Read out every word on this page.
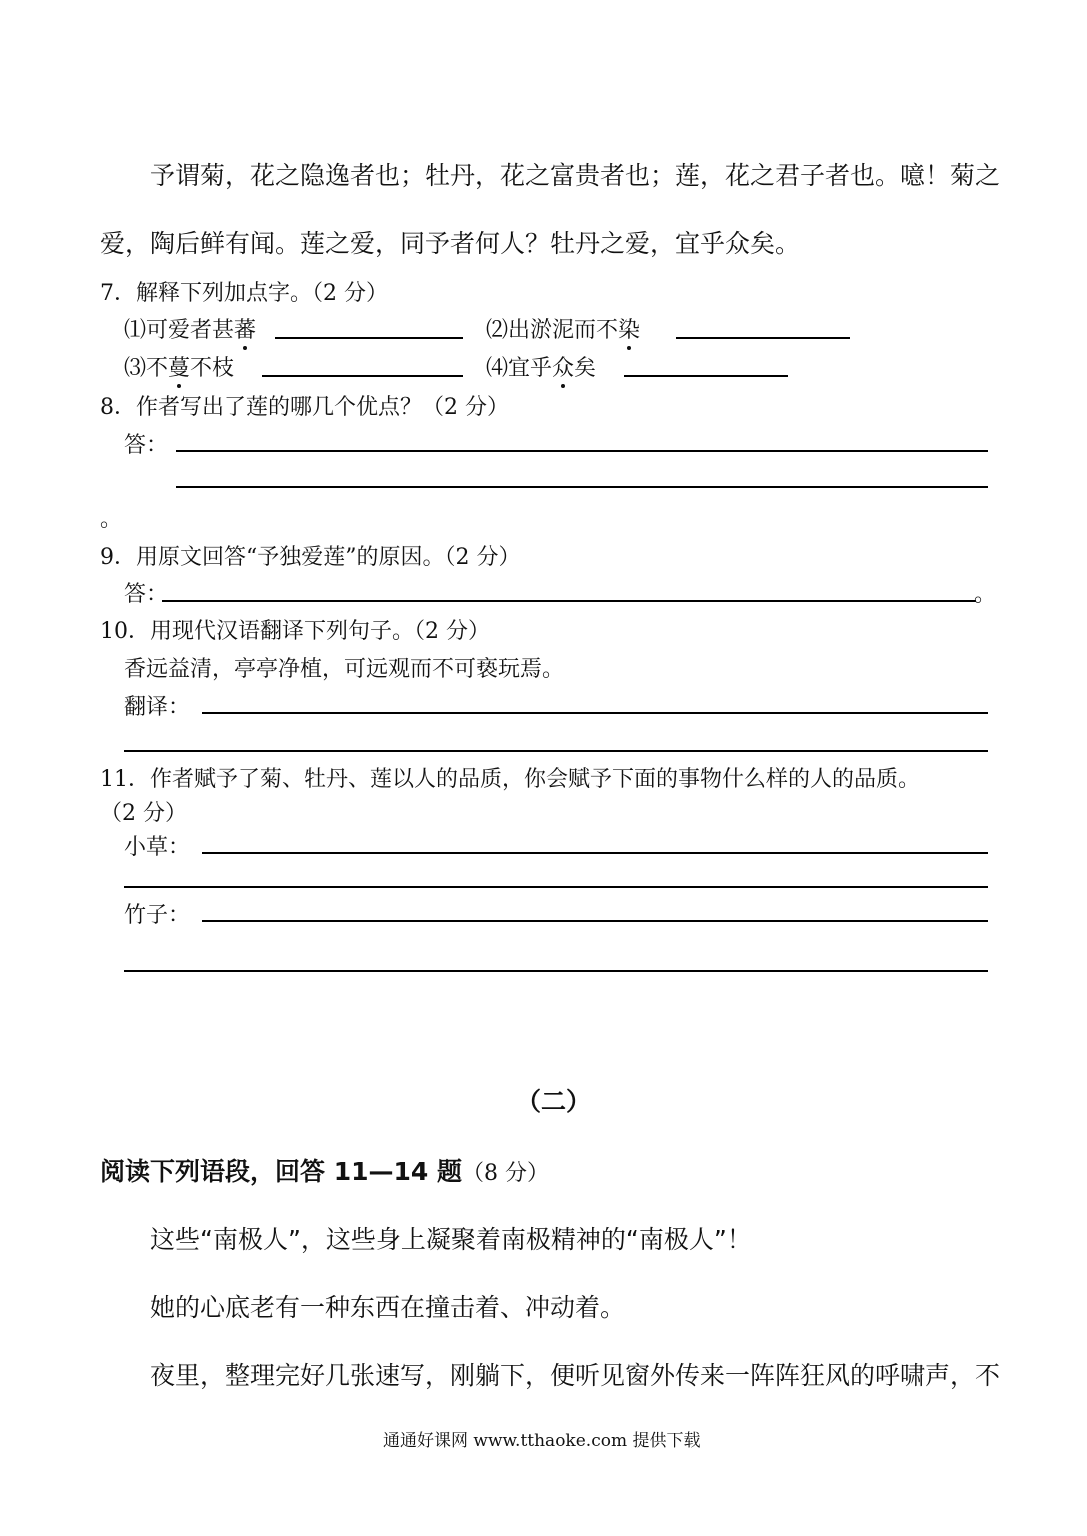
予谓菊，花之隐逸者也；牡丹，花之富贵者也；莲，花之君子者也。噫！菊之
爱，陶后鲜有闻。莲之爱，同予者何人？牡丹之爱，宜乎众矣。
7．解释下列加点字。（2 分）
⑴可爱者甚蕃	⑵出淤泥而不染
⑶不蔓不枝	⑷宜乎众矣
8．作者写出了莲的哪几个优点？（2 分）
答：
。
9．用原文回答“予独爱莲”的原因。（2 分）
答：	。
10．用现代汉语翻译下列句子。（2 分）
香远益清，亭亭净植，可远观而不可亵玩焉。
翻译：
11．作者赋予了菊、牡丹、莲以人的品质，你会赋予下面的事物什么样的人的品质。
（2 分）
小草：
竹子：
（二）
阅读下列语段，回答 11—14 题（8 分）
这些“南极人”，这些身上凝聚着南极精神的“南极人”！
她的心底老有一种东西在撞击着、冲动着。
夜里，整理完好几张速写，刚躺下，便听见窗外传来一阵阵狂风的呼啸声，不
通通好课网 www.tthaoke.com 提供下载
